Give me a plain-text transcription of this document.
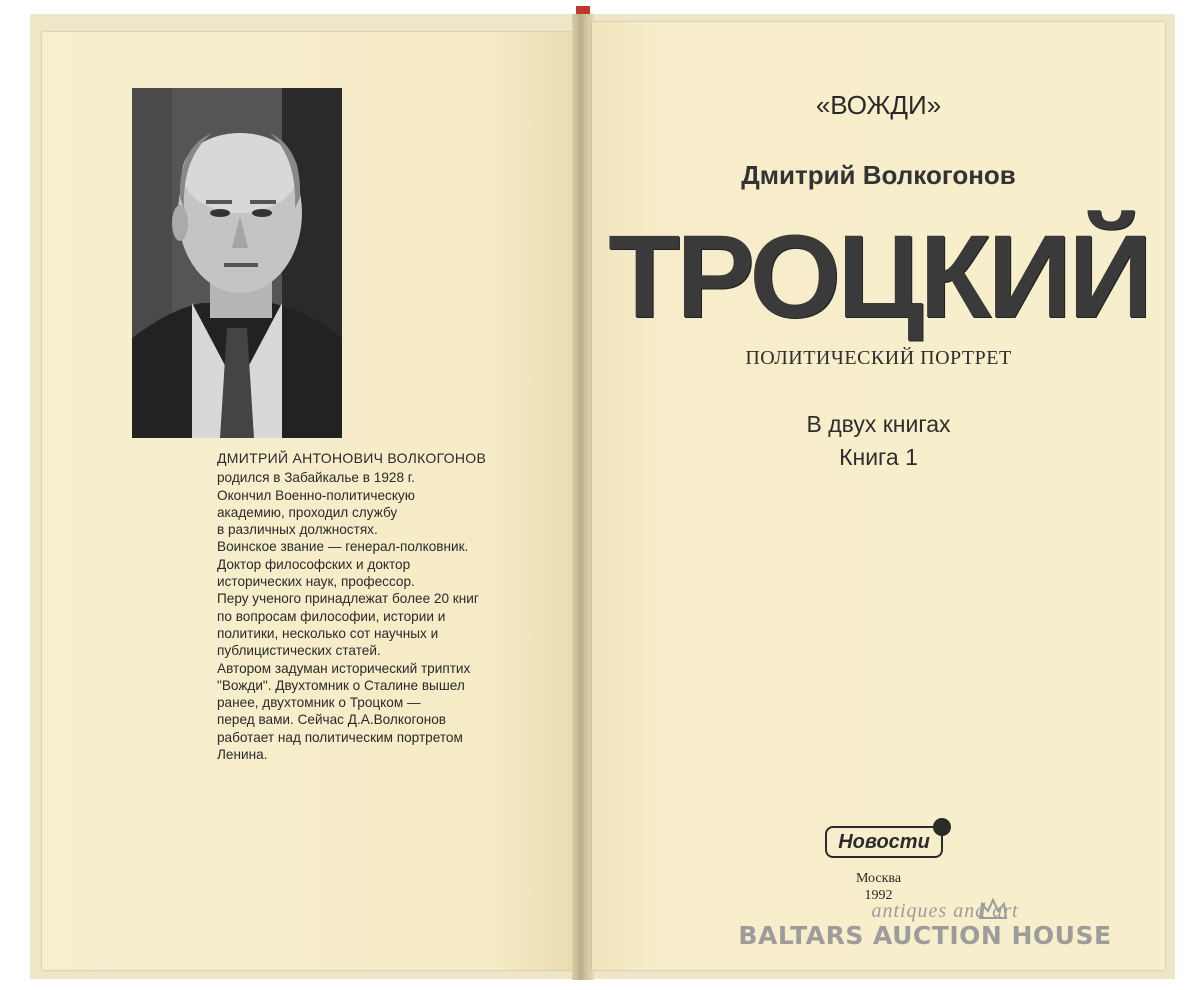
ДМИТРИЙ АНТОНОВИЧ ВОЛКОГОНОВ
родился в Забайкалье в 1928 г.
Окончил Военно-политическую
академию, проходил службу
в различных должностях.
Воинское звание — генерал-полковник.
Доктор философских и доктор
исторических наук, профессор.
Перу ученого принадлежат более 20 книг
по вопросам философии, истории и
политики, несколько сот научных и
публицистических статей.
Автором задуман исторический триптих
"Вожди". Двухтомник о Сталине вышел
ранее, двухтомник о Троцком —
перед вами. Сейчас Д.А.Волкогонов
работает над политическим портретом
Ленина.
«ВОЖДИ»
Дмитрий Волкогонов
ТРОЦКИЙ
ПОЛИТИЧЕСКИЙ ПОРТРЕТ
В двух книгах
Книга 1
Новости
Москва
1992
antiques and art
BALTARS AUCTION HOUSE
